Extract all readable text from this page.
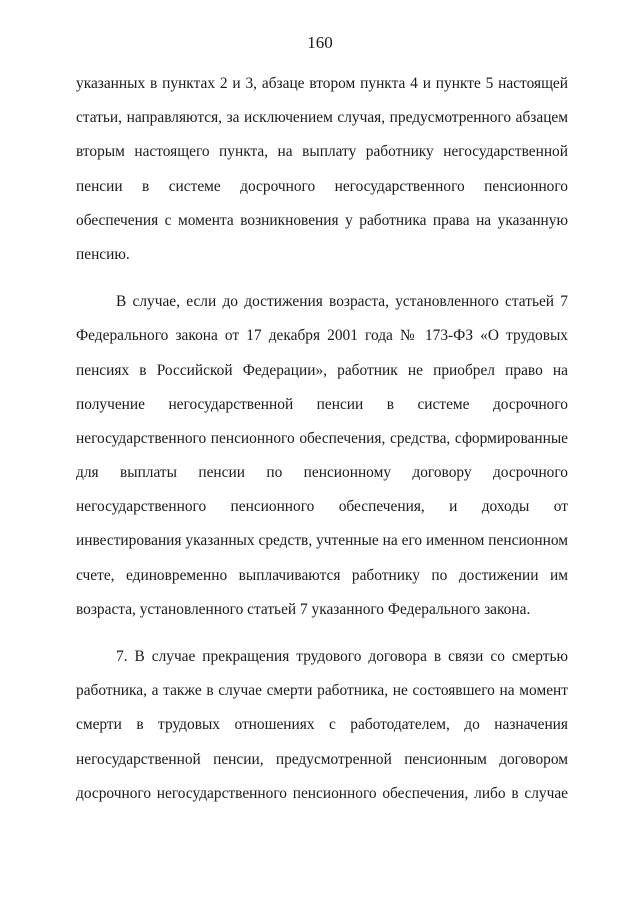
160
указанных в пунктах 2 и 3, абзаце втором пункта 4 и пункте 5 настоящей
статьи, направляются, за исключением случая, предусмотренного абзацем
вторым настоящего пункта, на выплату работнику негосударственной
пенсии в системе досрочного негосударственного пенсионного
обеспечения с момента возникновения у работника права на указанную
пенсию.
В случае, если до достижения возраста, установленного статьей 7
Федерального закона от 17 декабря 2001 года № 173-ФЗ «О трудовых
пенсиях в Российской Федерации», работник не приобрел право на
получение негосударственной пенсии в системе досрочного
негосударственного пенсионного обеспечения, средства, сформированные
для выплаты пенсии по пенсионному договору досрочного
негосударственного пенсионного обеспечения, и доходы от
инвестирования указанных средств, учтенные на его именном пенсионном
счете, единовременно выплачиваются работнику по достижении им
возраста, установленного статьей 7 указанного Федерального закона.
7. В случае прекращения трудового договора в связи со смертью
работника, а также в случае смерти работника, не состоявшего на момент
смерти в трудовых отношениях с работодателем, до назначения
негосударственной пенсии, предусмотренной пенсионным договором
досрочного негосударственного пенсионного обеспечения, либо в случае
